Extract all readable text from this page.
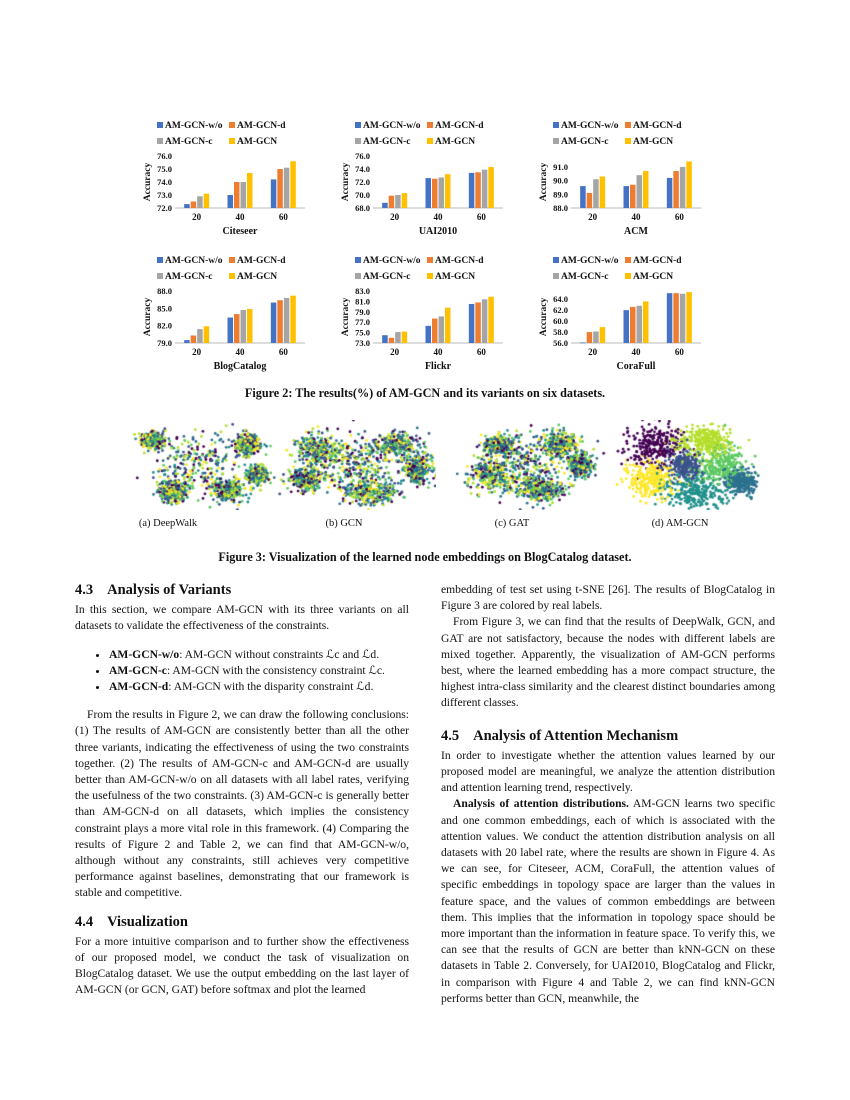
AM-GCN-w/o AM-GCN-d
AM-GCN-c	AM-GCN
72.0
73.0
74.0
75.0
76.0
Accuracy
20	40	60
Citeseer
AM-GCN-w/o AM-GCN-d
AM-GCN-c	AM-GCN
68.0
70.0
72.0
74.0
76.0
Accuracy
20	40	60
UAI2010
AM-GCN-w/o AM-GCN-d
AM-GCN-c	AM-GCN
88.0
89.0
90.0
91.0
Accuracy
20	40	60
ACM
AM-GCN-w/o AM-GCN-d
AM-GCN-c	AM-GCN
79.0
82.0
85.0
88.0
Accuracy
20	40	60
BlogCatalog
AM-GCN-w/o AM-GCN-d
AM-GCN-c	AM-GCN
73.0
75.0
77.0
79.0
81.0
83.0
Accuracy
20	40	60
Flickr
AM-GCN-w/o AM-GCN-d
AM-GCN-c	AM-GCN
56.0
58.0
60.0
62.0
64.0
Accuracy
20	40	60
CoraFull
Figure 2: The results(%) of AM-GCN and its variants on six datasets.
(a) DeepWalk	(b) GCN	(c) GAT	(d) AM-GCN
Figure 3: Visualization of the learned node embeddings on BlogCatalog dataset.
4.3 Analysis of Variants

In this section, we compare AM-GCN with its three variants on all datasets to validate the effectiveness of the constraints.

• AM-GCN-w/o: AM-GCN without constraints ℒc and ℒd.
• AM-GCN-c: AM-GCN with the consistency constraint ℒc.
• AM-GCN-d: AM-GCN with the disparity constraint ℒd.

From the results in Figure 2, we can draw the following conclusions: (1) The results of AM-GCN are consistently better than all the other three variants, indicating the effectiveness of using the two constraints together. (2) The results of AM-GCN-c and AM-GCN-d are usually better than AM-GCN-w/o on all datasets with all label rates, verifying the usefulness of the two constraints. (3) AM-GCN-c is generally better than AM-GCN-d on all datasets, which implies the consistency constraint plays a more vital role in this framework. (4) Comparing the results of Figure 2 and Table 2, we can find that AM-GCN-w/o, although without any constraints, still achieves very competitive performance against baselines, demonstrating that our framework is stable and competitive.

4.4 Visualization

For a more intuitive comparison and to further show the effectiveness of our proposed model, we conduct the task of visualization on BlogCatalog dataset. We use the output embedding on the last layer of AM-GCN (or GCN, GAT) before softmax and plot the learned

embedding of test set using t-SNE [26]. The results of BlogCatalog in Figure 3 are colored by real labels.

From Figure 3, we can find that the results of DeepWalk, GCN, and GAT are not satisfactory, because the nodes with different labels are mixed together. Apparently, the visualization of AM-GCN performs best, where the learned embedding has a more compact structure, the highest intra-class similarity and the clearest distinct boundaries among different classes.

4.5 Analysis of Attention Mechanism

In order to investigate whether the attention values learned by our proposed model are meaningful, we analyze the attention distribution and attention learning trend, respectively.

Analysis of attention distributions. AM-GCN learns two specific and one common embeddings, each of which is associated with the attention values. We conduct the attention distribution analysis on all datasets with 20 label rate, where the results are shown in Figure 4. As we can see, for Citeseer, ACM, CoraFull, the attention values of specific embeddings in topology space are larger than the values in feature space, and the values of common embeddings are between them. This implies that the information in topology space should be more important than the information in feature space. To verify this, we can see that the results of GCN are better than kNN-GCN on these datasets in Table 2. Conversely, for UAI2010, BlogCatalog and Flickr, in comparison with Figure 4 and Table 2, we can find kNN-GCN performs better than GCN, meanwhile, the
